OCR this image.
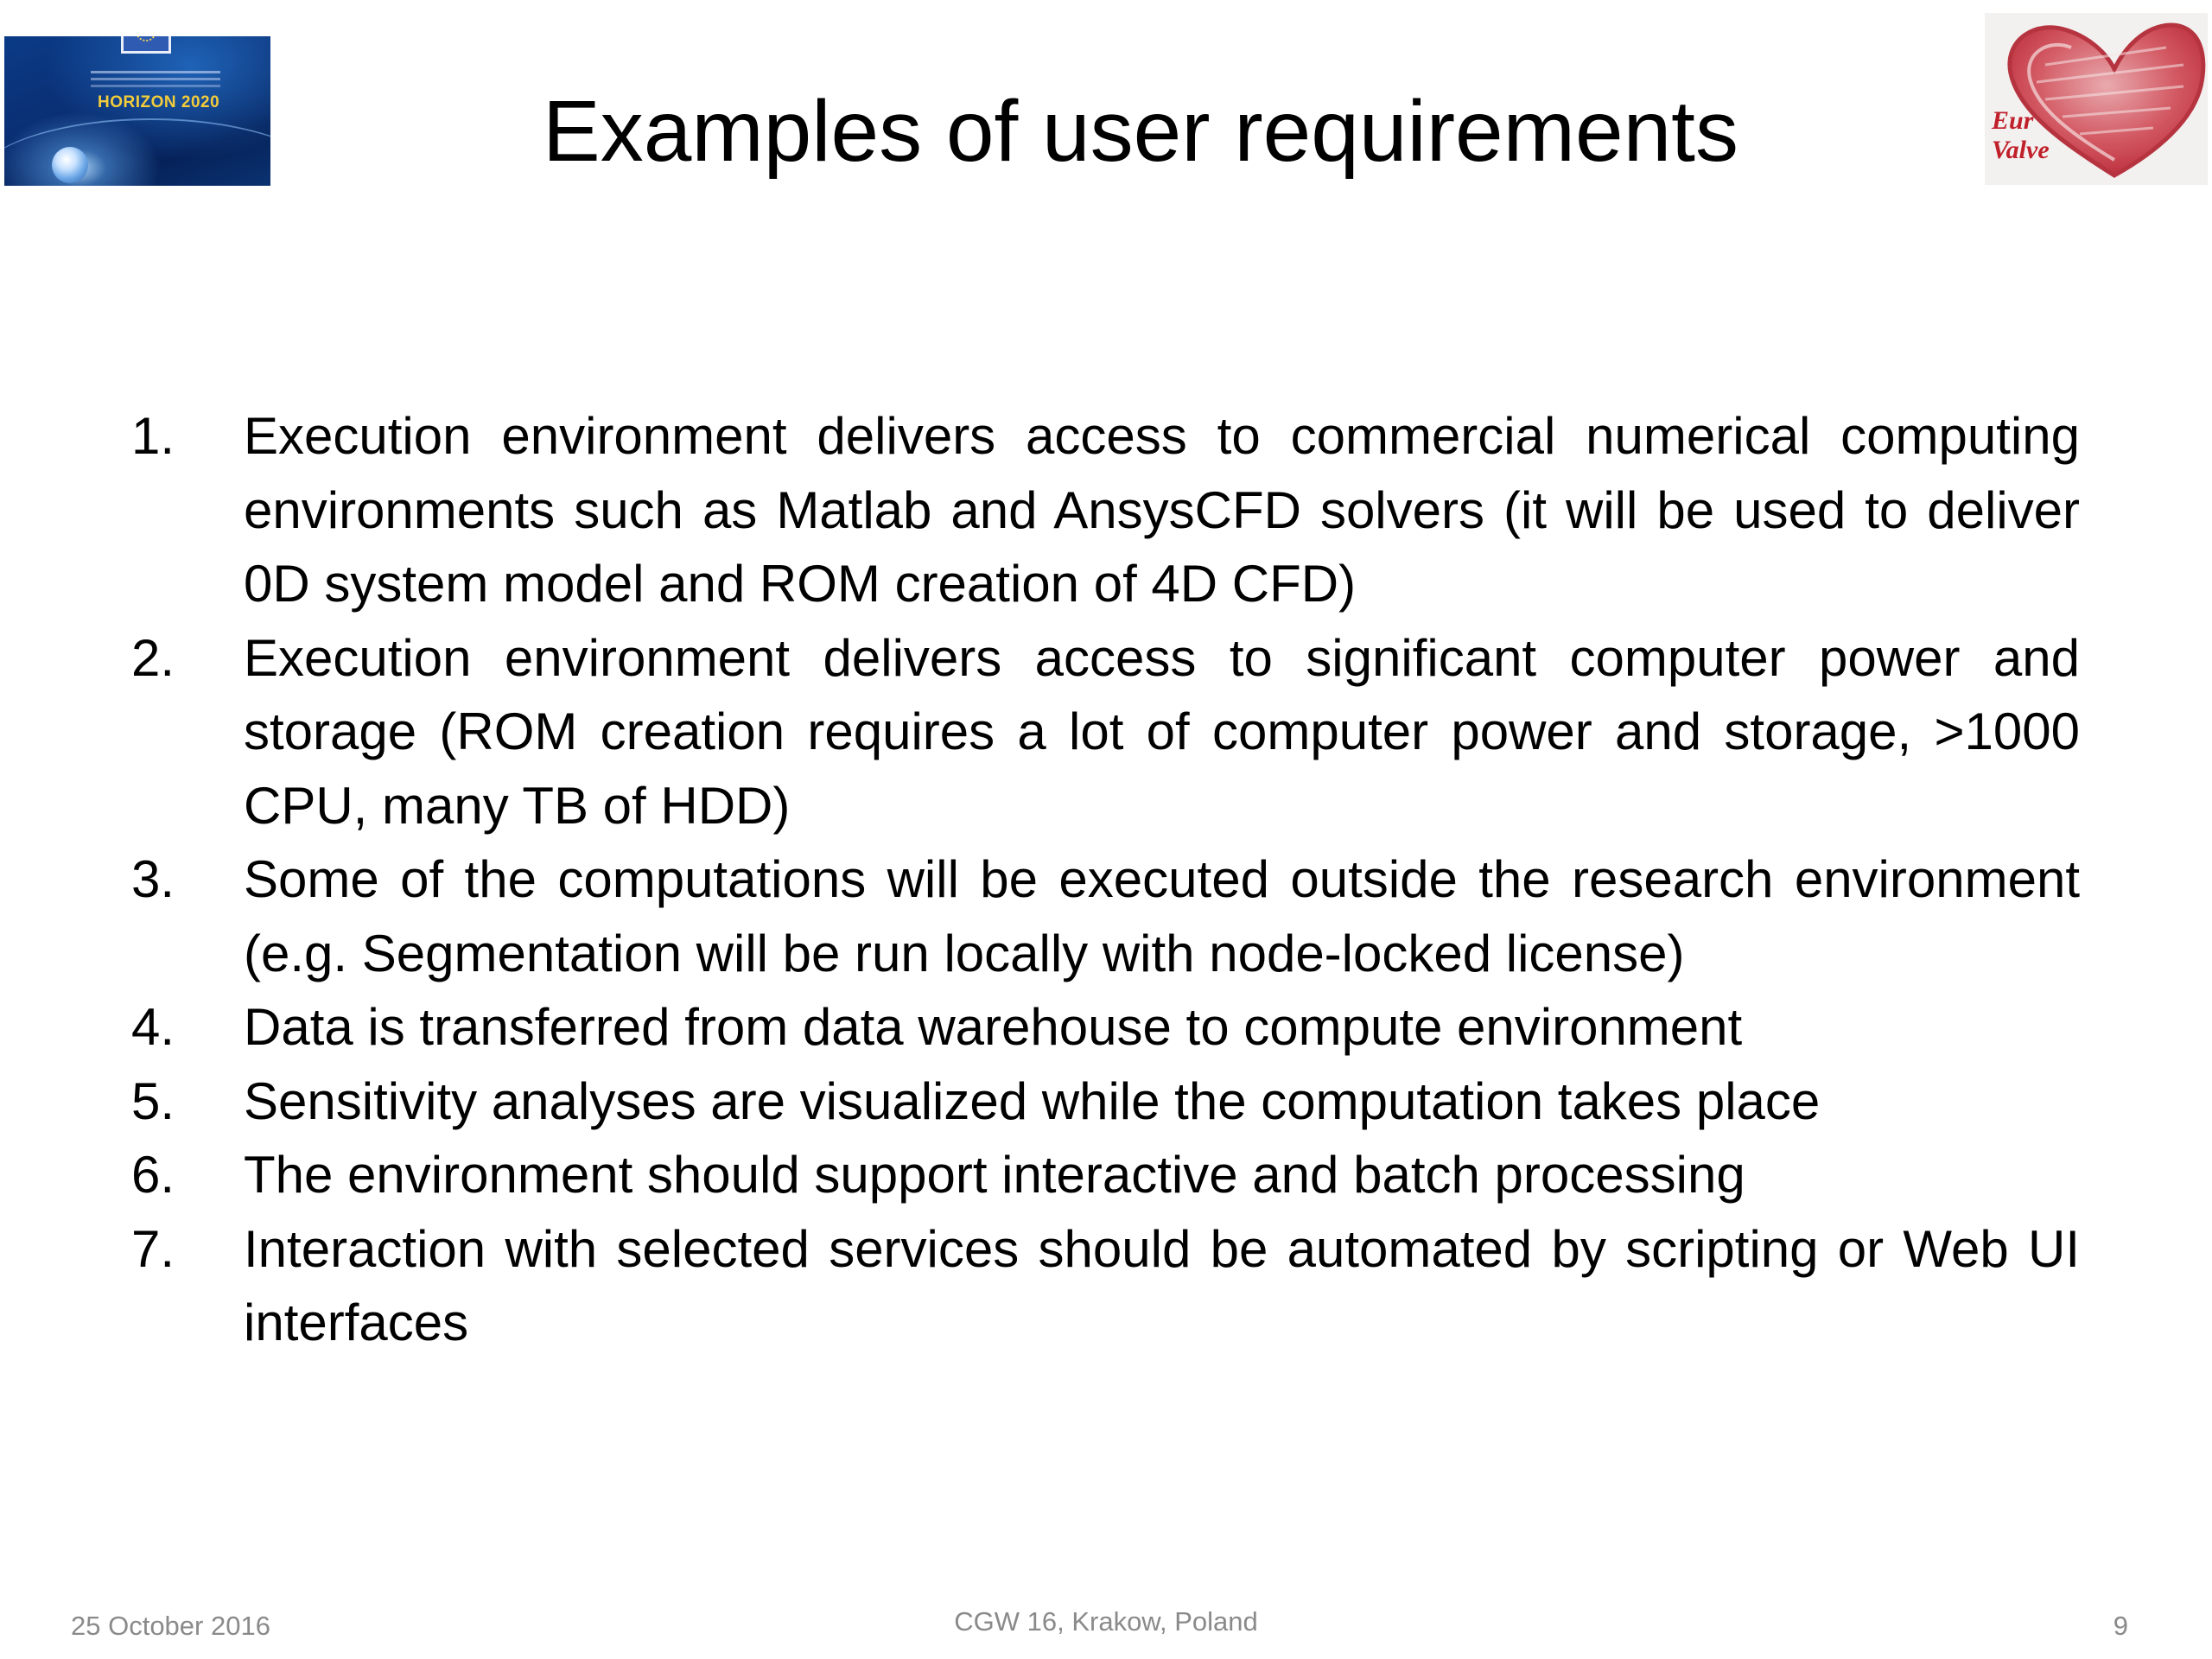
HORIZON 2020	Examples of user requirements	Eur
Valve
1.	Execution environment delivers access to commercial numerical computing environments such as Matlab and AnsysCFD solvers (it will be used to deliver 0D system model and ROM creation of 4D CFD)
2.	Execution environment delivers access to significant computer power and storage (ROM creation requires a lot of computer power and storage, >1000 CPU, many TB of HDD)
3.	Some of the computations will be executed outside the research environment (e.g. Segmentation will be run locally with node-locked license)
4.	Data is transferred from data warehouse to compute environment
5.	Sensitivity analyses are visualized while the computation takes place
6.	The environment should support interactive and batch processing
7.	Interaction with selected services should be automated by scripting or Web UI interfaces
25 October 2016	CGW 16, Krakow, Poland	9
